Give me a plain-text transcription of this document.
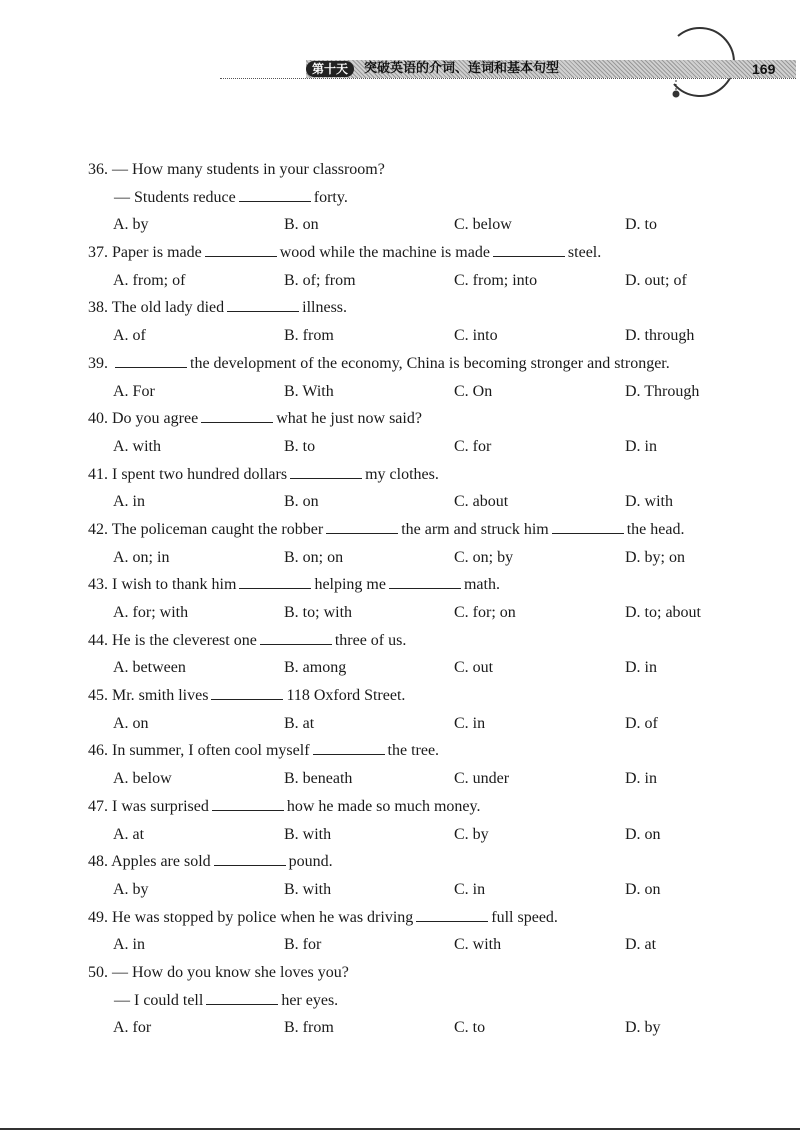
第十天	突破英语的介词、连词和基本句型	169
36. — How many students in your classroom?
— Students reduce	forty.
A. by	B. on	C. below	D. to
37. Paper is made	wood while the machine is made	steel.
A. from; of	B. of; from	C. from; into	D. out; of
38. The old lady died	illness.
A. of	B. from	C. into	D. through
39.	the development of the economy, China is becoming stronger and stronger.
A. For	B. With	C. On	D. Through
40. Do you agree	what he just now said?
A. with	B. to	C. for	D. in
41. I spent two hundred dollars	my clothes.
A. in	B. on	C. about	D. with
42. The policeman caught the robber	the arm and struck him	the head.
A. on; in	B. on; on	C. on; by	D. by; on
43. I wish to thank him	helping me	math.
A. for; with	B. to; with	C. for; on	D. to; about
44. He is the cleverest one	three of us.
A. between	B. among	C. out	D. in
45. Mr. smith lives	118 Oxford Street.
A. on	B. at	C. in	D. of
46. In summer, I often cool myself	the tree.
A. below	B. beneath	C. under	D. in
47. I was surprised	how he made so much money.
A. at	B. with	C. by	D. on
48. Apples are sold	pound.
A. by	B. with	C. in	D. on
49. He was stopped by police when he was driving	full speed.
A. in	B. for	C. with	D. at
50. — How do you know she loves you?
— I could tell	her eyes.
A. for	B. from	C. to	D. by
